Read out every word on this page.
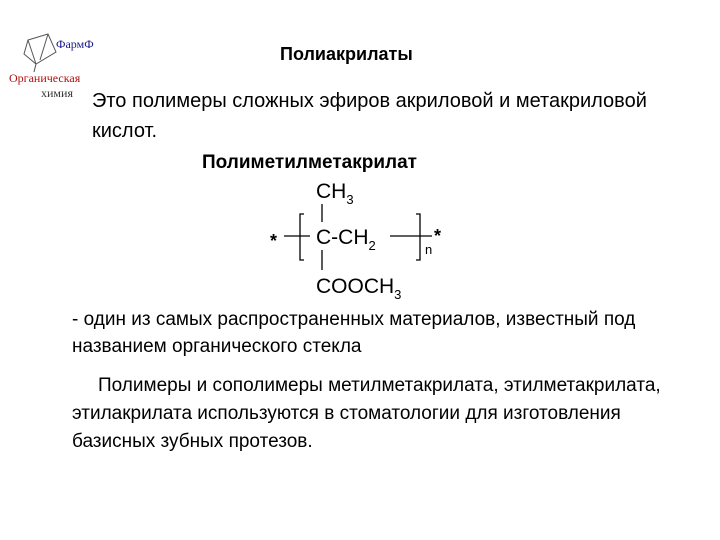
ФармФ
Органическая
химия
Полиакрилаты
Это полимеры сложных эфиров акриловой и метакриловой кислот.
Полиметилметакрилат
$CH_3$
* $C-CH_2$	n
*
$COOCH_3$
- один из самых распространенных материалов, известный под названием органического стекла
Полимеры и сополимеры метилметакрилата, этилметакрилата, этилакрилата используются в стоматологии для изготовления базисных зубных протезов.
